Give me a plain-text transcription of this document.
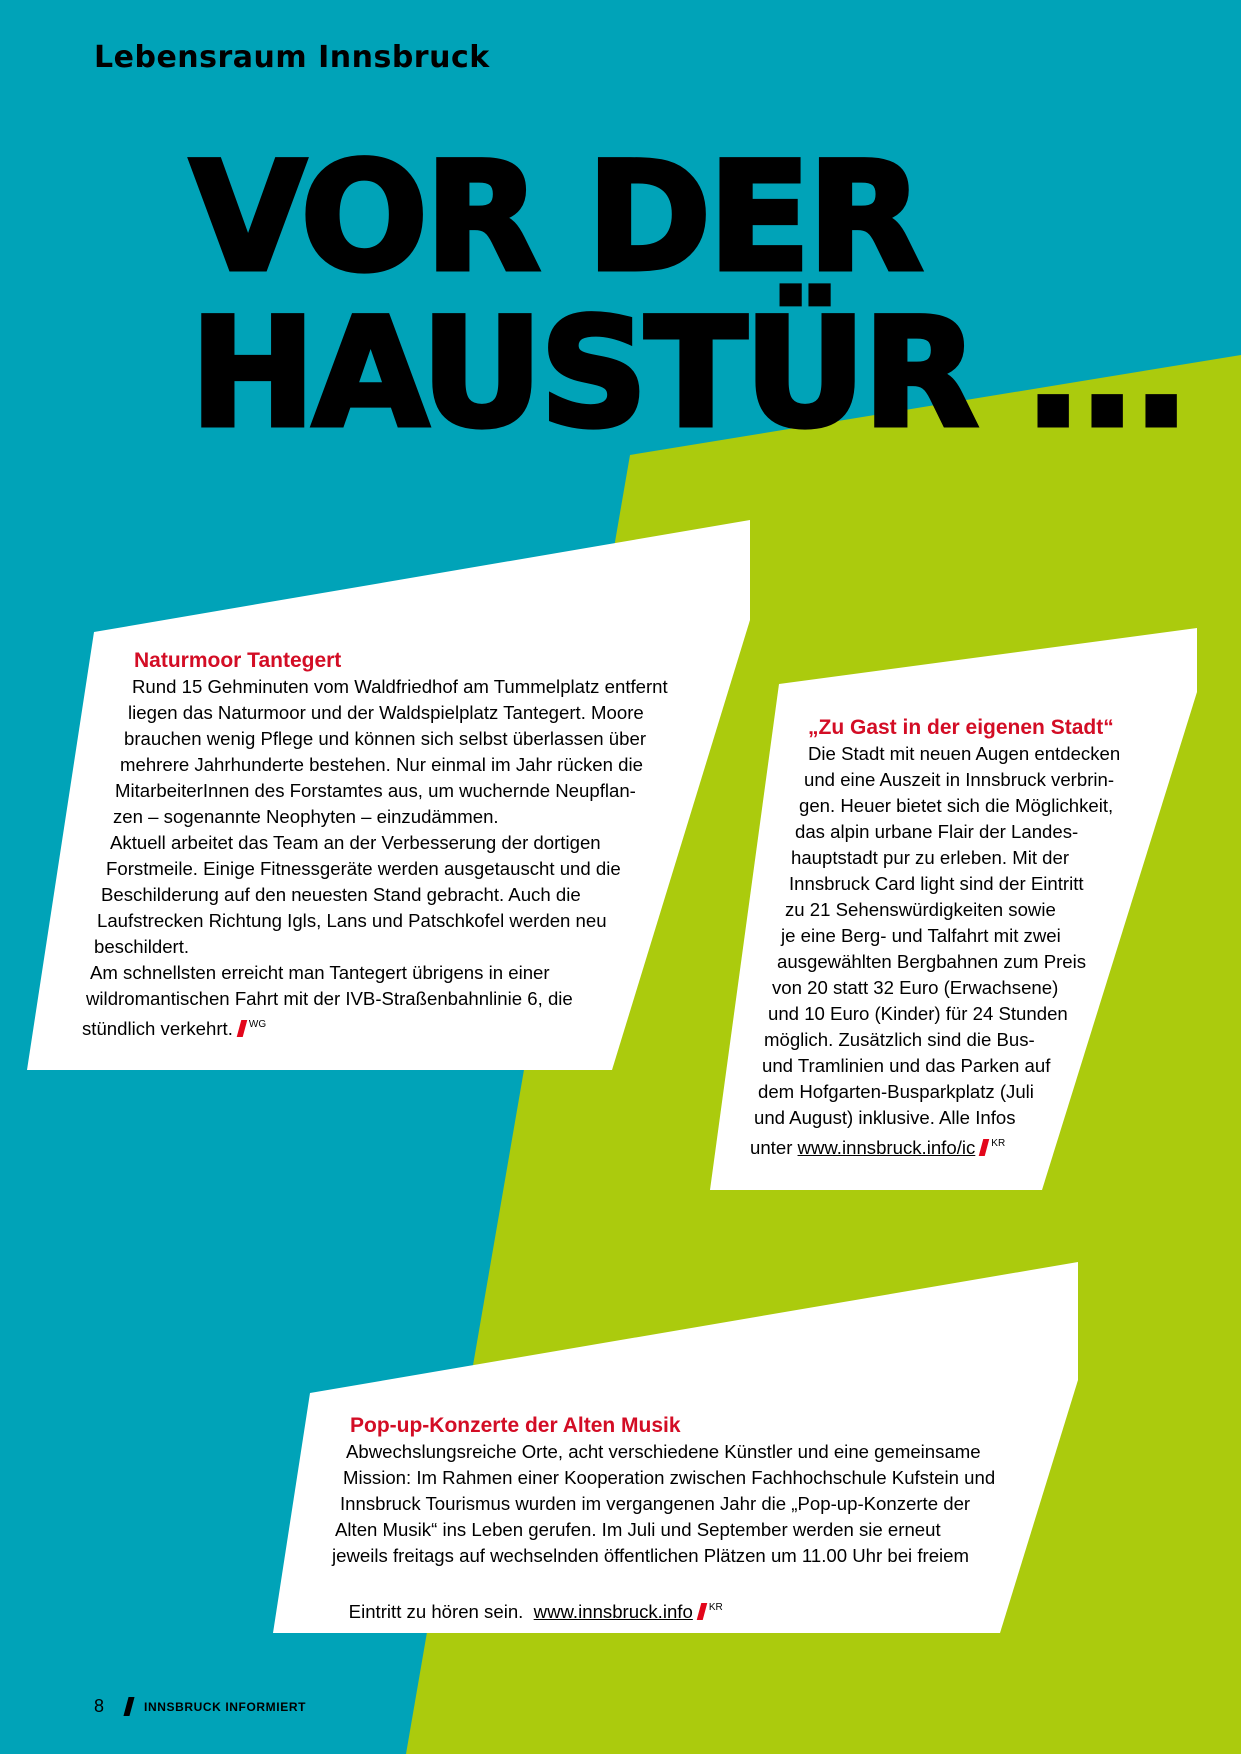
Lebensraum Innsbruck

VOR DER
HAUSTÜR ...
Naturmoor Tantegert
Rund 15 Gehminuten vom Waldfriedhof am Tummelplatz entfernt
liegen das Naturmoor und der Waldspielplatz Tantegert. Moore
brauchen wenig Pflege und können sich selbst überlassen über
mehrere Jahrhunderte bestehen. Nur einmal im Jahr rücken die
MitarbeiterInnen des Forstamtes aus, um wuchernde Neupflan-
zen – sogenannte Neophyten – einzudämmen.
Aktuell arbeitet das Team an der Verbesserung der dortigen
Forstmeile. Einige Fitnessgeräte werden ausgetauscht und die
Beschilderung auf den neuesten Stand gebracht. Auch die
Laufstrecken Richtung Igls, Lans und Patschkofel werden neu
beschildert.
Am schnellsten erreicht man Tantegert übrigens in einer
wildromantischen Fahrt mit der IVB-Straßenbahnlinie 6, die
stündlich verkehrt. $^{WG}$
„Zu Gast in der eigenen Stadt“
Die Stadt mit neuen Augen entdecken
und eine Auszeit in Innsbruck verbrin-
gen. Heuer bietet sich die Möglichkeit,
das alpin urbane Flair der Landes-
hauptstadt pur zu erleben. Mit der
Innsbruck Card light sind der Eintritt
zu 21 Sehenswürdigkeiten sowie
je eine Berg- und Talfahrt mit zwei
ausgewählten Bergbahnen zum Preis
von 20 statt 32 Euro (Erwachsene)
und 10 Euro (Kinder) für 24 Stunden
möglich. Zusätzlich sind die Bus-
und Tramlinien und das Parken auf
dem Hofgarten-Busparkplatz (Juli
und August) inklusive. Alle Infos
unter www.innsbruck.info/ic $^{KR}$
Pop-up-Konzerte der Alten Musik
Abwechslungsreiche Orte, acht verschiedene Künstler und eine gemeinsame
Mission: Im Rahmen einer Kooperation zwischen Fachhochschule Kufstein und
Innsbruck Tourismus wurden im vergangenen Jahr die „Pop-up-Konzerte der
Alten Musik“ ins Leben gerufen. Im Juli und September werden sie erneut
jeweils freitags auf wechselnden öffentlichen Plätzen um 11.00 Uhr bei freiem

Eintritt zu hören sein.  www.innsbruck.info $^{KR}$

8	INNSBRUCK INFORMIERT
